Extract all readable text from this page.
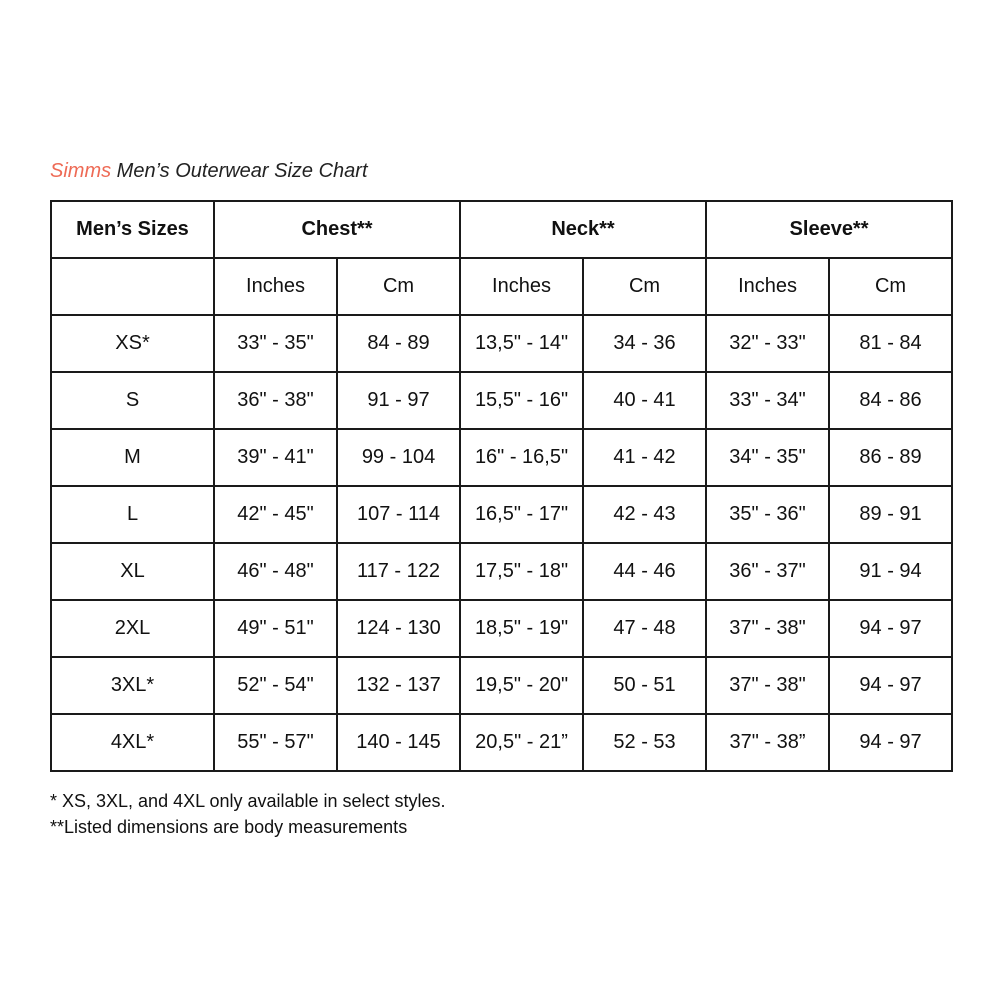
Simms Men’s Outerwear Size Chart
Men’s Sizes	Chest**		Neck**		Sleeve**	
	Inches	Cm	Inches	Cm	Inches	Cm
XS*	33" - 35"	84 - 89	13,5" - 14"	34 - 36	32" - 33"	81 - 84
S	36" - 38"	91 - 97	15,5" - 16"	40 - 41	33" - 34"	84 - 86
M	39" - 41"	99 - 104	16" - 16,5"	41 - 42	34" - 35"	86 - 89
L	42" - 45"	107 - 114	16,5" - 17"	42 - 43	35" - 36"	89 - 91
XL	46" - 48"	117 - 122	17,5" - 18"	44 - 46	36" - 37"	91 - 94
2XL	49" - 51"	124 - 130	18,5" - 19"	47 - 48	37" - 38"	94 - 97
3XL*	52" - 54"	132 - 137	19,5" - 20"	50 - 51	37" - 38"	94 - 97
4XL*	55" - 57"	140 - 145	20,5" - 21”	52 - 53	37" - 38”	94 - 97
* XS, 3XL, and 4XL only available in select styles.
**Listed dimensions are body measurements
